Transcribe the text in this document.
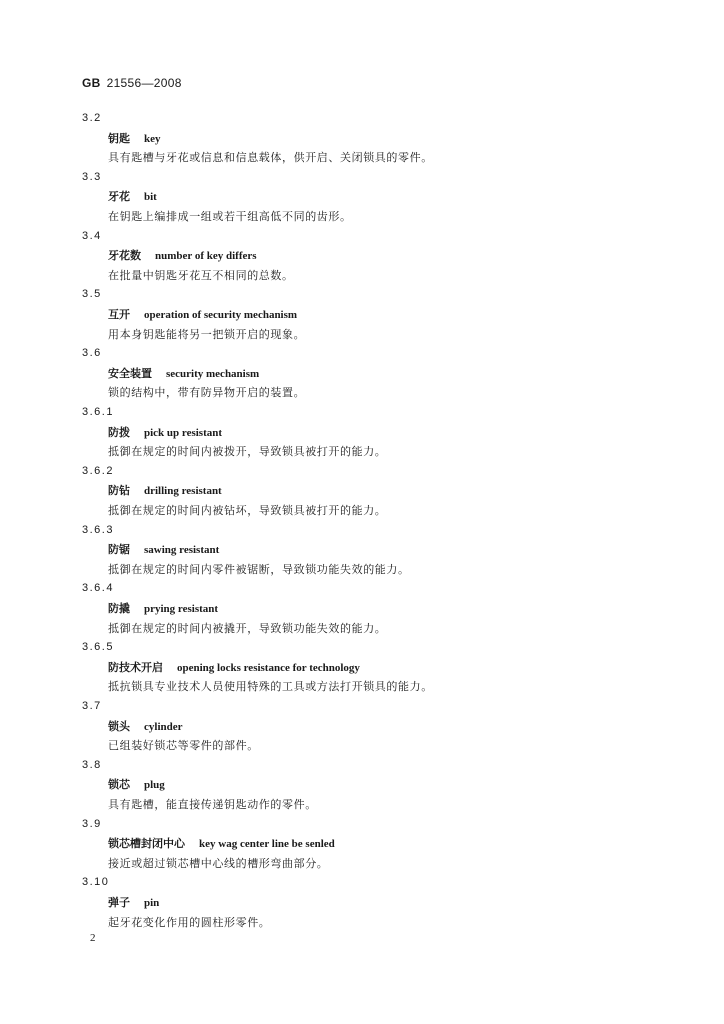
GB 21556—2008
3.2
钥匙 key
具有匙槽与牙花或信息和信息载体，供开启、关闭锁具的零件。
3.3
牙花 bit
在钥匙上编排成一组或若干组高低不同的齿形。
3.4
牙花数 number of key differs
在批量中钥匙牙花互不相同的总数。
3.5
互开 operation of security mechanism
用本身钥匙能将另一把锁开启的现象。
3.6
安全装置 security mechanism
锁的结构中，带有防异物开启的装置。
3.6.1
防拨 pick up resistant
抵御在规定的时间内被拨开，导致锁具被打开的能力。
3.6.2
防钻 drilling resistant
抵御在规定的时间内被钻坏，导致锁具被打开的能力。
3.6.3
防锯 sawing resistant
抵御在规定的时间内零件被锯断，导致锁功能失效的能力。
3.6.4
防撬 prying resistant
抵御在规定的时间内被撬开，导致锁功能失效的能力。
3.6.5
防技术开启 opening locks resistance for technology
抵抗锁具专业技术人员使用特殊的工具或方法打开锁具的能力。
3.7
锁头 cylinder
已组装好锁芯等零件的部件。
3.8
锁芯 plug
具有匙槽，能直接传递钥匙动作的零件。
3.9
锁芯槽封闭中心 key wag center line be senled
接近或超过锁芯槽中心线的槽形弯曲部分。
3.10
弹子 pin
起牙花变化作用的圆柱形零件。
2
